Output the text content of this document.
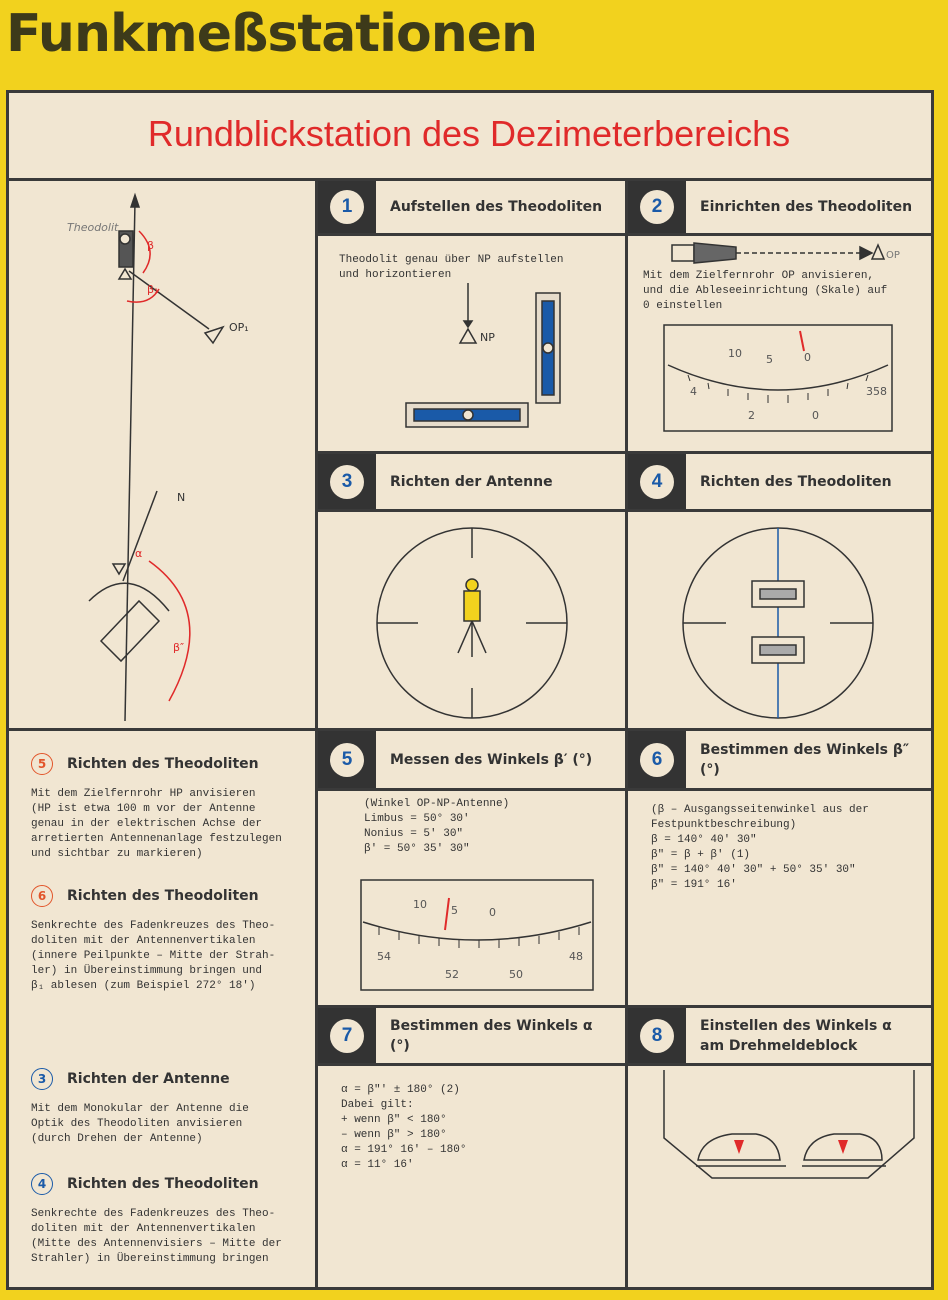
Funkmeßstationen
Rundblickstation des Dezimeterbereichs
1	Aufstellen des Theodoliten	2	Einrichten des Theodoliten
3	Richten der Antenne	4	Richten des Theodoliten
5	Messen des Winkels β′ (°)	6	Bestimmen des Winkels β″
(°)
7	Bestimmen des Winkels α
(°)	8	Einstellen des Winkels α
am Drehmeldeblock
Theodolit genau über NP aufstellen
und horizontieren	Mit dem Zielfernrohr OP anvisieren,
und die Ableseeinrichtung (Skale) auf
0 einstellen
(Winkel OP-NP-Antenne)
Limbus = 50° 30′
Nonius = 5′ 30″
β′ = 50° 35′ 30″
(β – Ausgangsseitenwinkel aus der
Festpunktbeschreibung)
β = 140° 40′ 30″
β″ = β + β′ (1)
β″ = 140° 40′ 30″ + 50° 35′ 30″
β″ = 191° 16′
α = β″′ ± 180° (2)
Dabei gilt:
+ wenn β″ < 180°
– wenn β″ > 180°
α = 191° 16′ – 180°
α = 11° 16′
Theodolit
β
β₁
OP₁
N
α
β″
NP
OP
10 5	0
4
2	0
358
10 5	0
54
52	50
48
5	Richten des Theodoliten
Mit dem Zielfernrohr HP anvisieren
(HP ist etwa 100 m vor der Antenne
genau in der elektrischen Achse der
arretierten Antennenanlage festzulegen
und sichtbar zu markieren)
6	Richten des Theodoliten
Senkrechte des Fadenkreuzes des Theo-
doliten mit der Antennenvertikalen
(innere Peilpunkte – Mitte der Strah-
ler) in Übereinstimmung bringen und
β₁ ablesen (zum Beispiel 272° 18′)
3	Richten der Antenne
Mit dem Monokular der Antenne die
Optik des Theodoliten anvisieren
(durch Drehen der Antenne)
4	Richten des Theodoliten
Senkrechte des Fadenkreuzes des Theo-
doliten mit der Antennenvertikalen
(Mitte des Antennenvisiers – Mitte der
Strahler) in Übereinstimmung bringen
